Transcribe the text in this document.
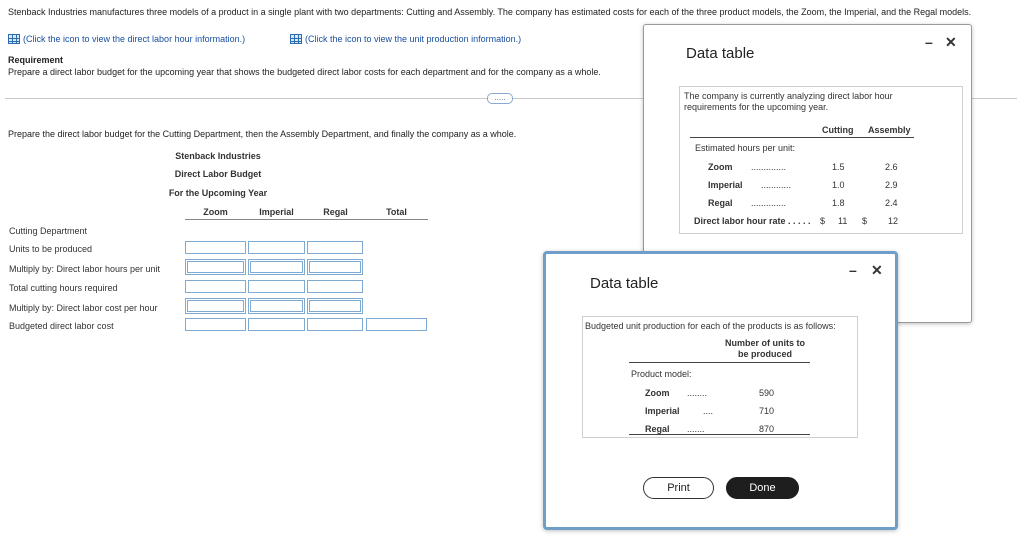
Stenback Industries manufactures three models of a product in a single plant with two departments: Cutting and Assembly. The company has estimated costs for each of the three product models, the Zoom, the Imperial, and the Regal models.
(Click the icon to view the direct labor hour information.)	(Click the icon to view the unit production information.)
Requirement
Prepare a direct labor budget for the upcoming year that shows the budgeted direct labor costs for each department and for the company as a whole.
.....
Prepare the direct labor budget for the Cutting Department, then the Assembly Department, and finally the company as a whole.
Stenback Industries
Direct Labor Budget
For the Upcoming Year
Zoom	Imperial	Regal	Total
Cutting Department
Units to be produced
Multiply by: Direct labor hours per unit
Total cutting hours required
Multiply by: Direct labor cost per hour
Budgeted direct labor cost
Data table
– ✕
The company is currently analyzing direct labor hour requirements for the upcoming year.
Cutting Assembly
Estimated hours per unit:
Zoom ..............	1.5	2.6
Imperial ............	1.0	2.9
Regal ..............	1.8	2.4
Direct labor hour rate . . . . . $ 11 $ 12
Data table
– ✕
Budgeted unit production for each of the products is as follows:
Number of units to be produced
Product model:
Zoom ........	590
Imperial	....	710
Regal .......	870
Print	Done
